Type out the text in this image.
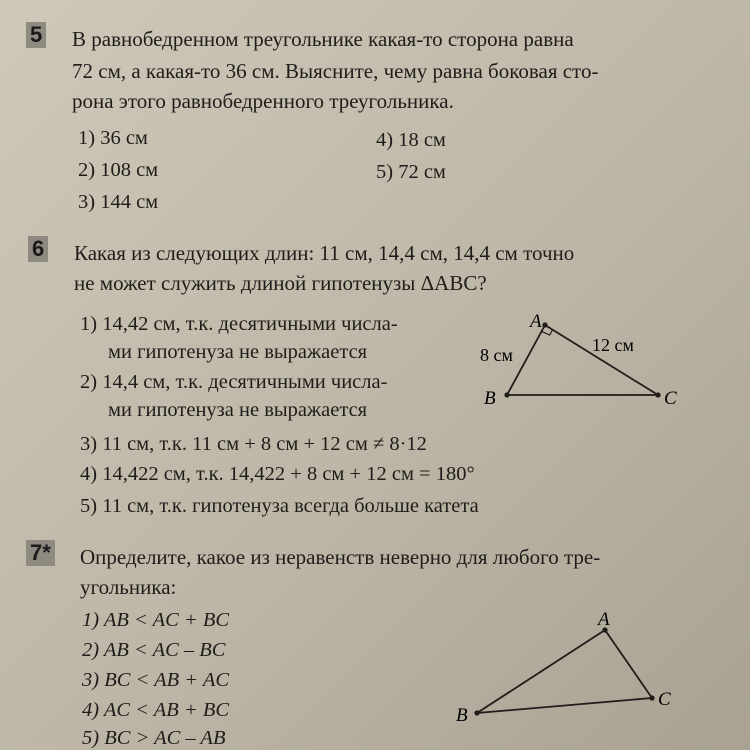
5 В равнобедренном треугольнике какая-то сторона равна
72 см, а какая-то 36 см. Выясните, чему равна боковая сто-
рона этого равнобедренного треугольника.
1) 36 см
2) 108 см
3) 144 см
4) 18 см
5) 72 см
6 Какая из следующих длин: 11 см, 14,4 см, 14,4 см точно
не может служить длиной гипотенузы ΔABC?
1) 14,42 см, т.к. десятичными числа-
ми гипотенуза не выражается
2) 14,4 см, т.к. десятичными числа-
ми гипотенуза не выражается
3) 11 см, т.к. 11 см + 8 см + 12 см ≠ 8·12
4) 14,422 см, т.к. 14,422 + 8 см + 12 см = 180°
5) 11 см, т.к. гипотенуза всегда больше катета
A
B	C
8 см	12 см
7* Определите, какое из неравенств неверно для любого тре-
угольника:
1) AB < AC + BC
2) AB < AC – BC
3) BC < AB + AC
4) AC < AB + BC
5) BC > AC – AB
A
B
C
